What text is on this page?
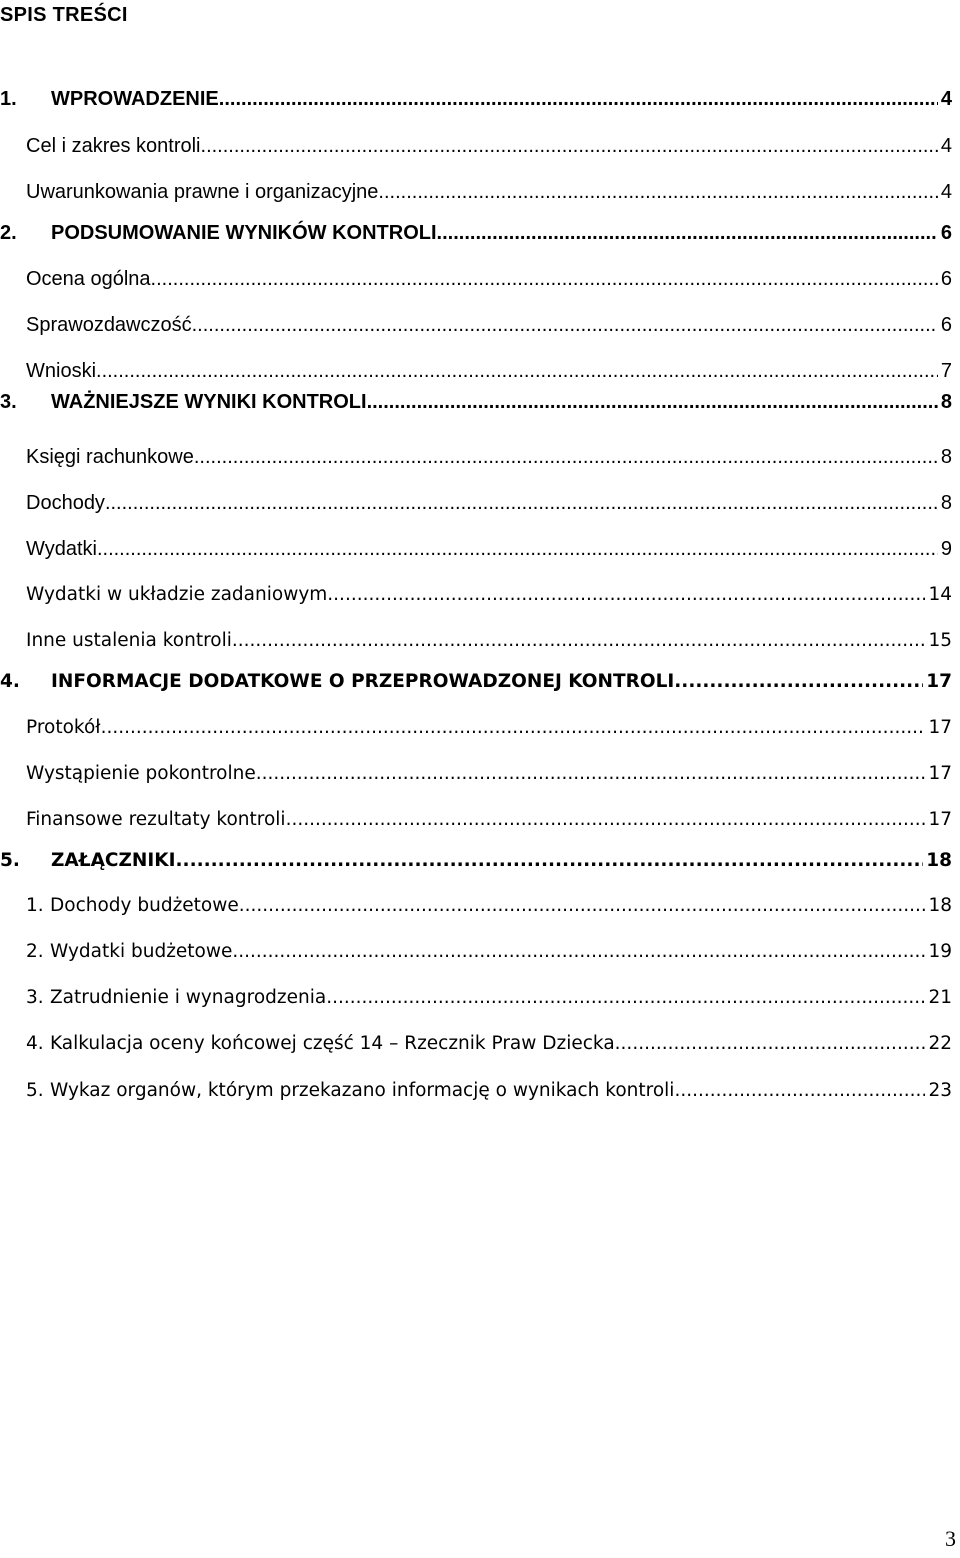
SPIS TREŚCI
1.	WPROWADZENIE .....	4
Cel i zakres kontroli .....	4
Uwarunkowania prawne i organizacyjne .....	4
2.	PODSUMOWANIE WYNIKÓW KONTROLI .....	6
Ocena ogólna .....	6
Sprawozdawczość .....	6
Wnioski .....	7
3.	WAŻNIEJSZE WYNIKI KONTROLI .....	8
Księgi rachunkowe .....	8
Dochody .....	8
Wydatki .....	9
Wydatki w układzie zadaniowym .....	14
Inne ustalenia kontroli .....	15
4.	INFORMACJE DODATKOWE O PRZEPROWADZONEJ KONTROLI .....	17
Protokół .....	17
Wystąpienie pokontrolne .....	17
Finansowe rezultaty kontroli .....	17
5.	ZAŁĄCZNIKI .....	18
1. Dochody budżetowe .....	18
2. Wydatki budżetowe .....	19
3. Zatrudnienie i wynagrodzenia .....	21
4. Kalkulacja oceny końcowej część 14 – Rzecznik Praw Dziecka .....	22
5. Wykaz organów, którym przekazano informację o wynikach kontroli .....	23
3
